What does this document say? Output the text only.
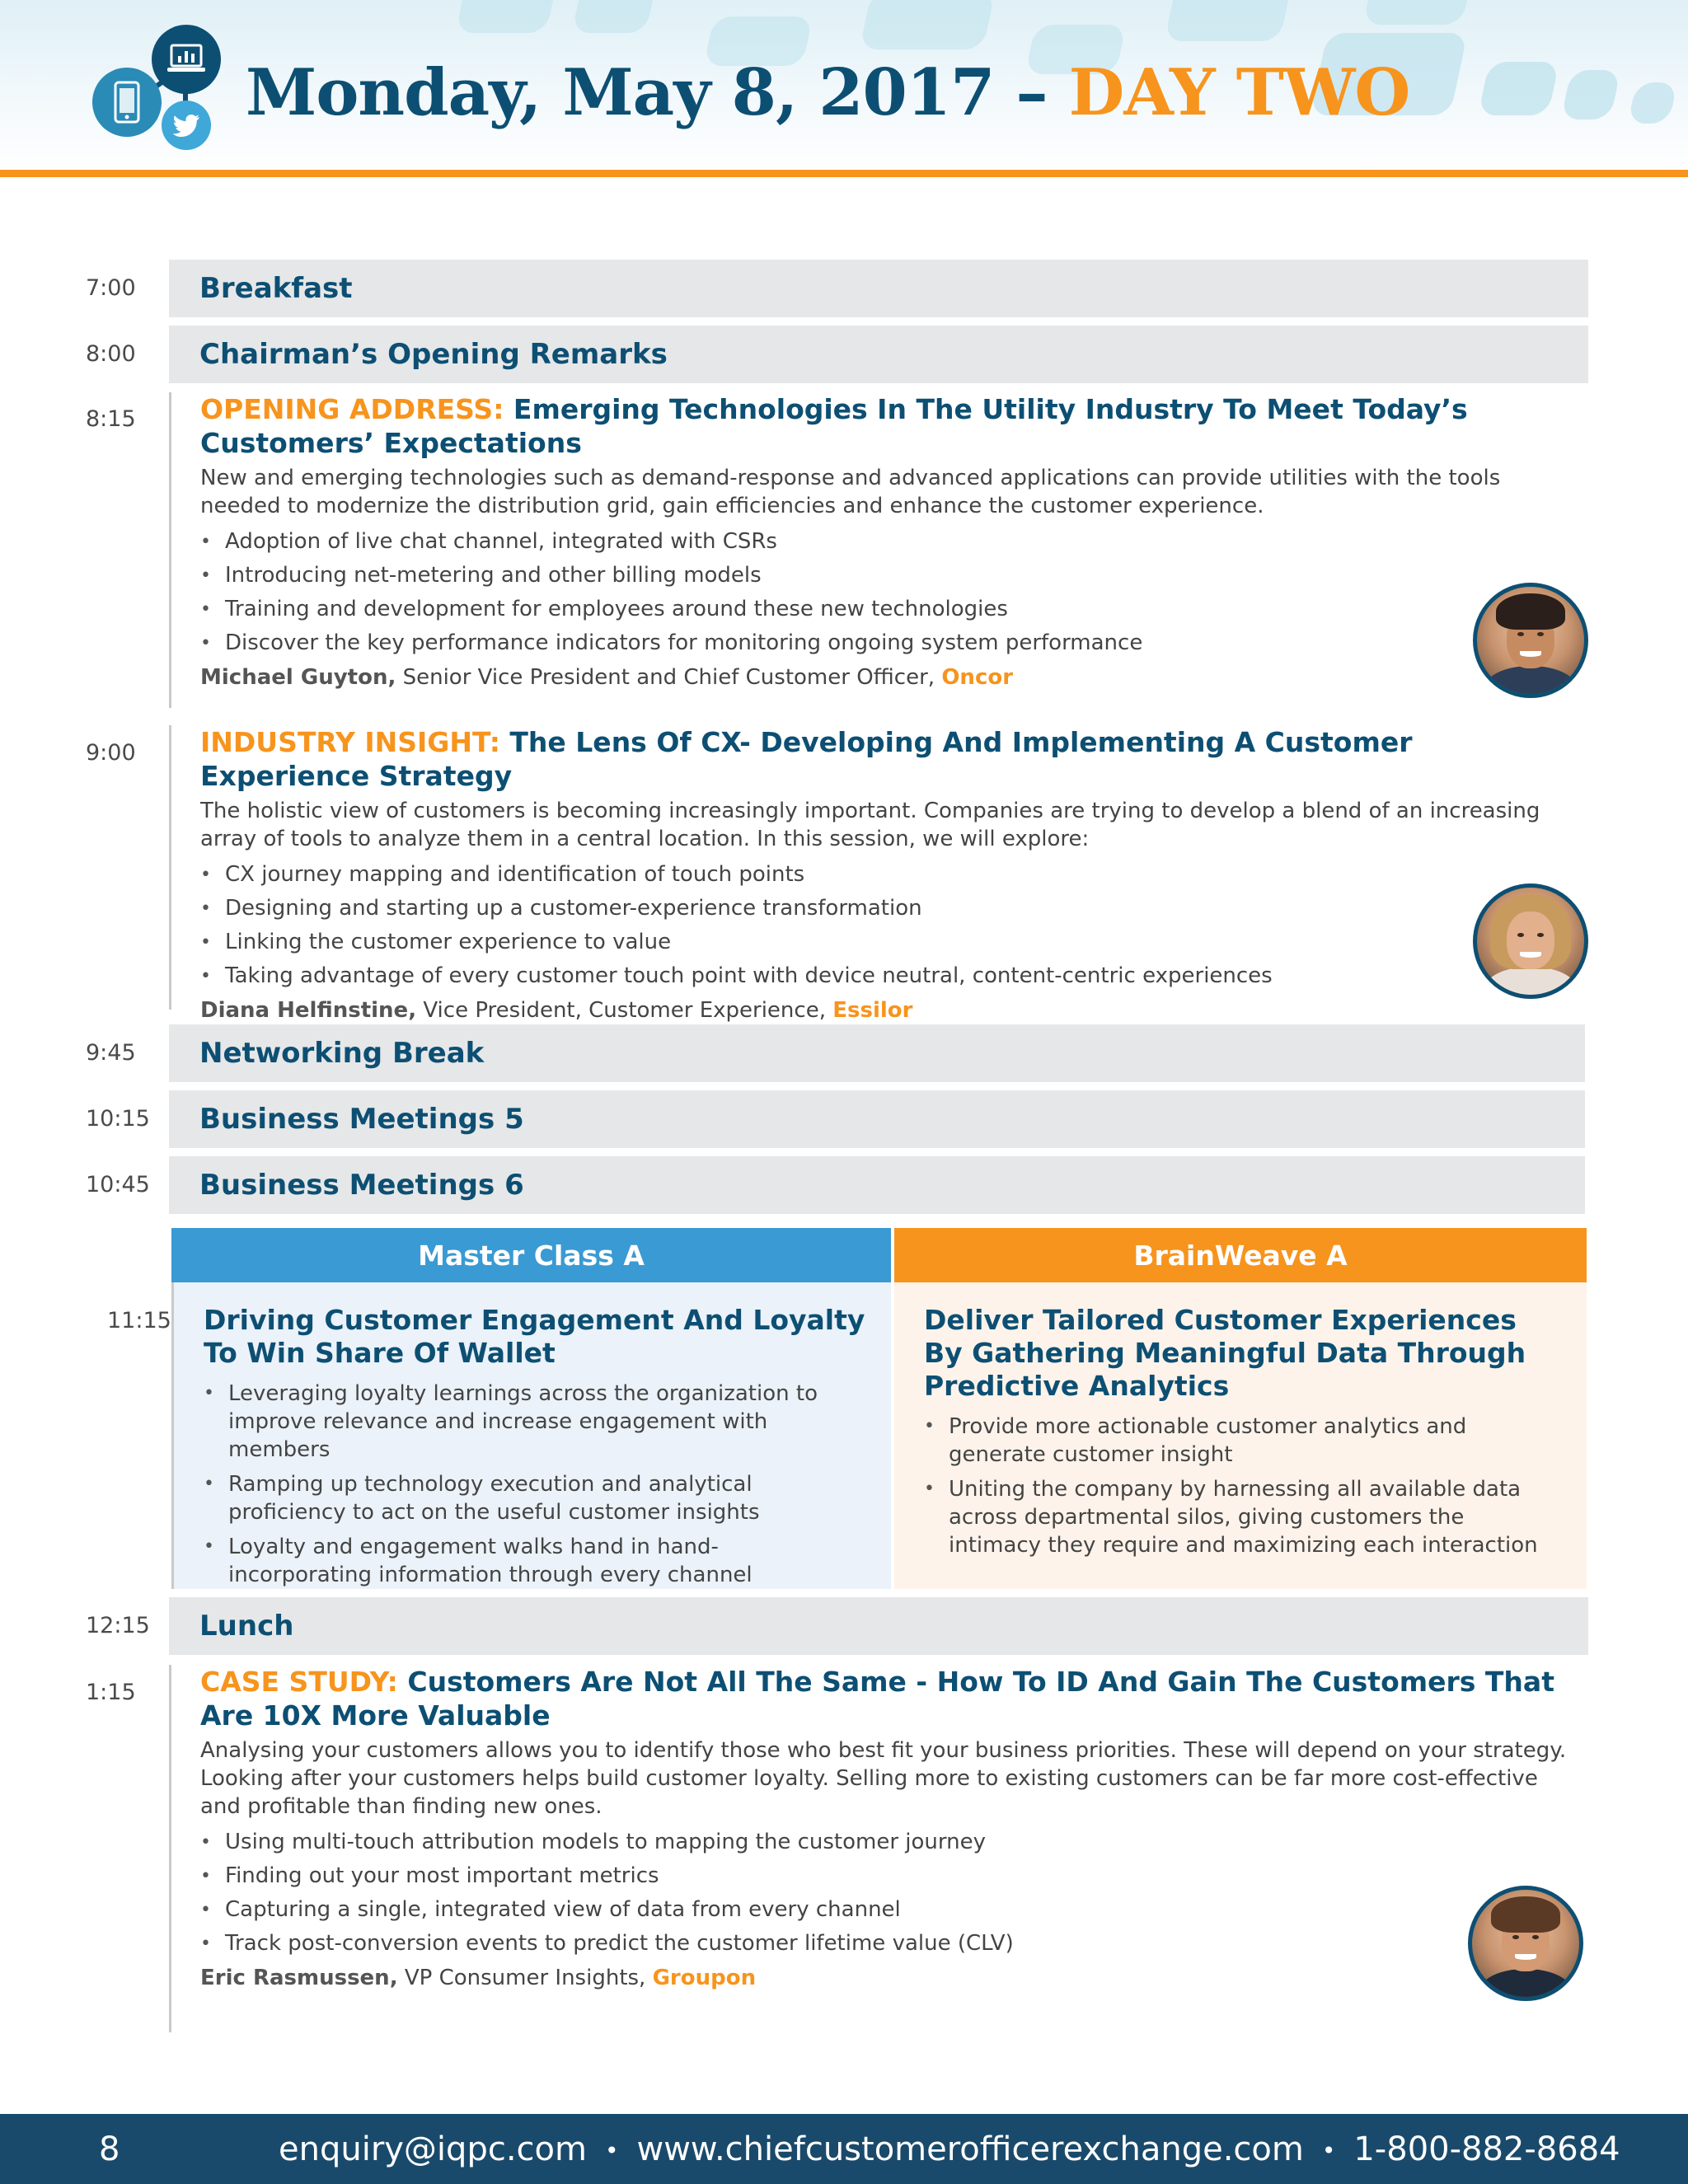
Monday, May 8, 2017 – DAY TWO
7:00	Breakfast
8:00	Chairman’s Opening Remarks
8:15 OPENING ADDRESS: Emerging Technologies In The Utility Industry To Meet Today’s Customers’ Expectations
New and emerging technologies such as demand-response and advanced applications can provide utilities with the tools needed to modernize the distribution grid, gain efficiencies and enhance the customer experience.
• Adoption of live chat channel, integrated with CSRs
• Introducing net-metering and other billing models
• Training and development for employees around these new technologies
• Discover the key performance indicators for monitoring ongoing system performance
Michael Guyton, Senior Vice President and Chief Customer Officer, Oncor
9:00 INDUSTRY INSIGHT: The Lens Of CX- Developing And Implementing A Customer Experience Strategy
The holistic view of customers is becoming increasingly important. Companies are trying to develop a blend of an increasing array of tools to analyze them in a central location. In this session, we will explore:
• CX journey mapping and identification of touch points
• Designing and starting up a customer-experience transformation
• Linking the customer experience to value
• Taking advantage of every customer touch point with device neutral, content-centric experiences
Diana Helfinstine, Vice President, Customer Experience, Essilor
9:45	Networking Break
10:15	Business Meetings 5
10:45	Business Meetings 6
Master Class A	BrainWeave A
11:15 Driving Customer Engagement And Loyalty To Win Share Of Wallet
• Leveraging loyalty learnings across the organization to improve relevance and increase engagement with members
• Ramping up technology execution and analytical proficiency to act on the useful customer insights
• Loyalty and engagement walks hand in hand- incorporating information through every channel
Deliver Tailored Customer Experiences By Gathering Meaningful Data Through Predictive Analytics
• Provide more actionable customer analytics and generate customer insight
• Uniting the company by harnessing all available data across departmental silos, giving customers the intimacy they require and maximizing each interaction
12:15	Lunch
1:15 CASE STUDY: Customers Are Not All The Same - How To ID And Gain The Customers That Are 10X More Valuable
Analysing your customers allows you to identify those who best fit your business priorities. These will depend on your strategy. Looking after your customers helps build customer loyalty. Selling more to existing customers can be far more cost-effective and profitable than finding new ones.
• Using multi-touch attribution models to mapping the customer journey
• Finding out your most important metrics
• Capturing a single, integrated view of data from every channel
• Track post-conversion events to predict the customer lifetime value (CLV)
Eric Rasmussen, VP Consumer Insights, Groupon
8	enquiry@iqpc.com • www.chiefcustomerofficerexchange.com • 1-800-882-8684
